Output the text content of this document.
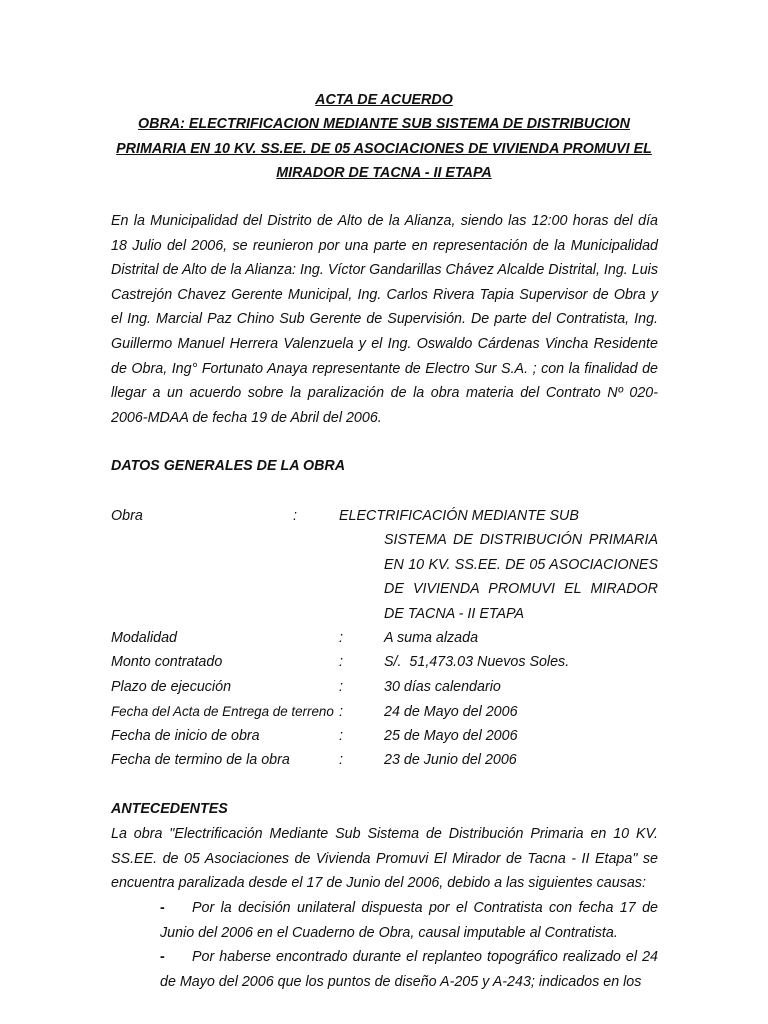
ACTA DE ACUERDO
OBRA: ELECTRIFICACION MEDIANTE SUB SISTEMA DE DISTRIBUCION
PRIMARIA EN 10 KV. SS.EE. DE 05 ASOCIACIONES DE VIVIENDA PROMUVI EL
MIRADOR DE TACNA - II ETAPA

En la Municipalidad del Distrito de Alto de la Alianza, siendo las 12:00 horas del día 18 Julio del 2006, se reunieron por una parte en representación de la Municipalidad Distrital de Alto de la Alianza: Ing. Víctor Gandarillas Chávez Alcalde Distrital, Ing. Luis Castrejón Chavez Gerente Municipal, Ing. Carlos Rivera Tapia Supervisor de Obra y el Ing. Marcial Paz Chino Sub Gerente de Supervisión. De parte del Contratista, Ing. Guillermo Manuel Herrera Valenzuela y el Ing. Oswaldo Cárdenas Vincha Residente de Obra, Ing° Fortunato Anaya representante de Electro Sur S.A. ; con la finalidad de llegar a un acuerdo sobre la paralización de la obra materia del Contrato Nº 020-2006-MDAA de fecha 19 de Abril del 2006.

DATOS GENERALES DE LA OBRA
Obra	:	ELECTRIFICACIÓN MEDIANTE SUB

SISTEMA DE DISTRIBUCIÓN PRIMARIA
EN 10 KV. SS.EE. DE 05 ASOCIACIONES
DE VIVIENDA PROMUVI EL MIRADOR
DE TACNA - II ETAPA

Modalidad	:	A suma alzada
Monto contratado	:	S/.  51,473.03 Nuevos Soles.
Plazo de ejecución	:	30 días calendario
Fecha del Acta de Entrega de terreno :	24 de Mayo del 2006
Fecha de inicio de obra	:	25 de Mayo del 2006
Fecha de termino de la obra	:	23 de Junio del 2006
ANTECEDENTES

La obra "Electrificación Mediante Sub Sistema de Distribución Primaria en 10 KV. SS.EE. de 05 Asociaciones de Vivienda Promuvi El Mirador de Tacna - II Etapa" se encuentra paralizada desde el 17 de Junio del 2006, debido a las siguientes causas:

-	Por la decisión unilateral dispuesta por el Contratista con fecha 17 de Junio del 2006 en el Cuaderno de Obra, causal imputable al Contratista.

-	Por haberse encontrado durante el replanteo topográfico realizado el 24 de Mayo del 2006 que los puntos de diseño A-205 y A-243; indicados en los
